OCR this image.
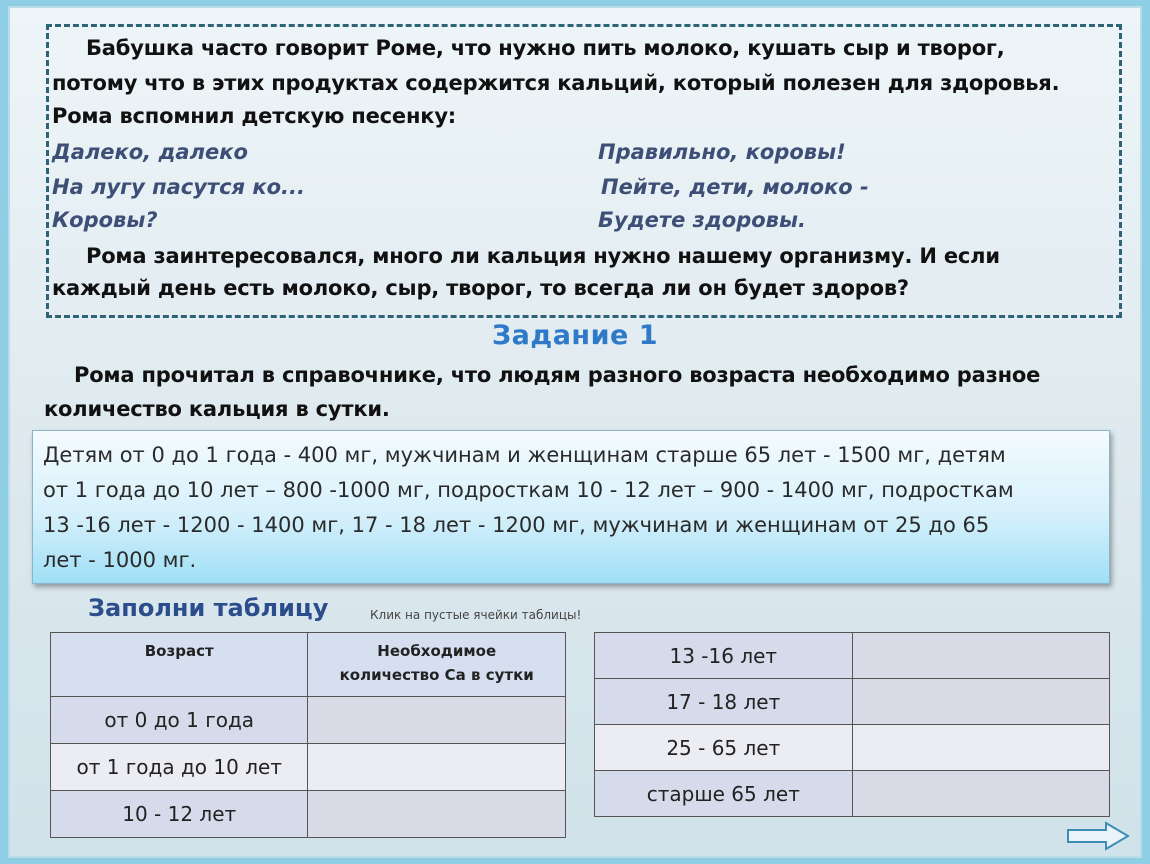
Бабушка часто говорит Роме, что нужно пить молоко, кушать сыр и творог,
потому что в этих продуктах содержится кальций, который полезен для здоровья.
Рома вспомнил детскую песенку:
Далеко, далеко
На лугу пасутся ко...
Коровы?
Правильно, коровы!
Пейте, дети, молоко -
Будете здоровы.
Рома заинтересовался, много ли кальция нужно нашему организму. И если
каждый день есть молоко, сыр, творог, то всегда ли он будет здоров?
Задание 1
Рома прочитал в справочнике, что людям разного возраста необходимо разное
количество кальция в сутки.
Детям от 0 до 1 года - 400 мг, мужчинам и женщинам старше 65 лет - 1500 мг, детям
от 1 года до 10 лет – 800 -1000 мг, подросткам 10 - 12 лет – 900 - 1400 мг, подросткам
13 -16 лет - 1200 - 1400 мг, 17 - 18 лет - 1200 мг, мужчинам и женщинам от 25 до 65
лет - 1000 мг.
Заполни таблицу	Клик на пустые ячейки таблицы!
Возраст	Необходимое
количество Са в сутки

от 0 до 1 года	
от 1 года до 10 лет	
10 - 12 лет	
13 -16 лет	
17 - 18 лет	
25 - 65 лет	
старше 65 лет	
